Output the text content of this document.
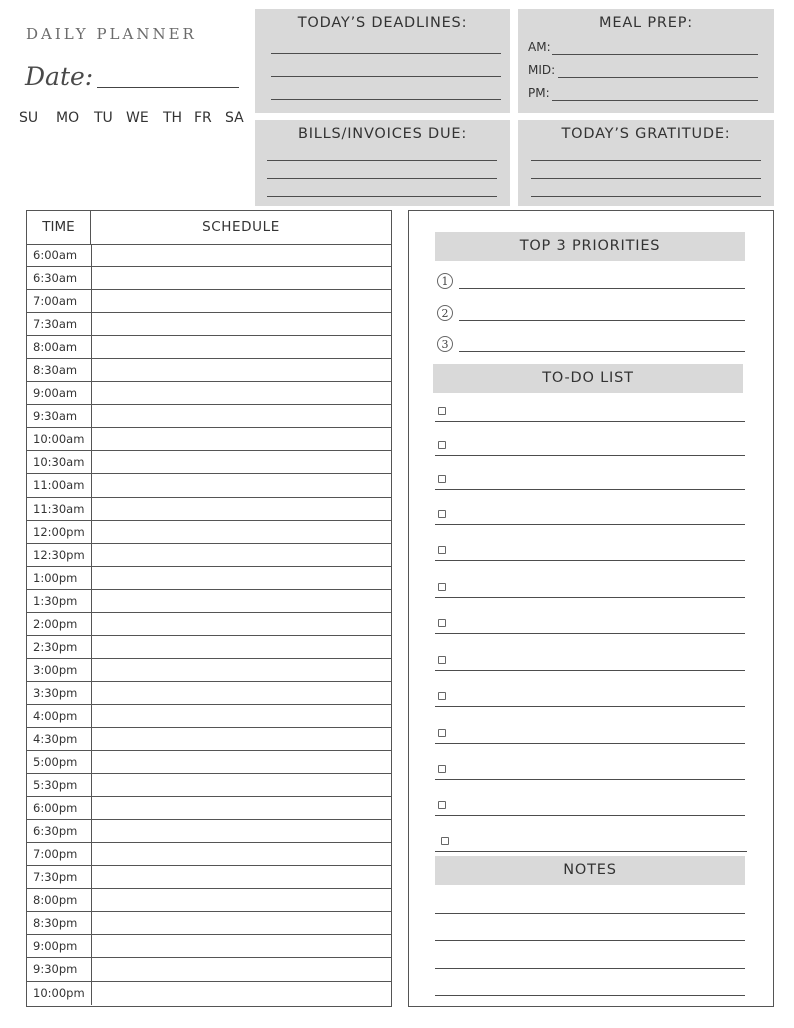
DAILY PLANNER
Date:
SU	MO	TU WE	TH FR SA
TODAY’S DEADLINES:	MEAL PREP:
AM:
MID:
PM:
BILLS/INVOICES DUE:	TODAY’S GRATITUDE:
TIME	SCHEDULE
6:00am
6:30am
7:00am
7:30am
8:00am
8:30am
9:00am
9:30am
10:00am
10:30am
11:00am
11:30am
12:00pm
12:30pm
1:00pm
1:30pm
2:00pm
2:30pm
3:00pm
3:30pm
4:00pm
4:30pm
5:00pm
5:30pm
6:00pm
6:30pm
7:00pm
7:30pm
8:00pm
8:30pm
9:00pm
9:30pm
10:00pm
TOP 3 PRIORITIES
1
2
3
TO-DO LIST
NOTES
